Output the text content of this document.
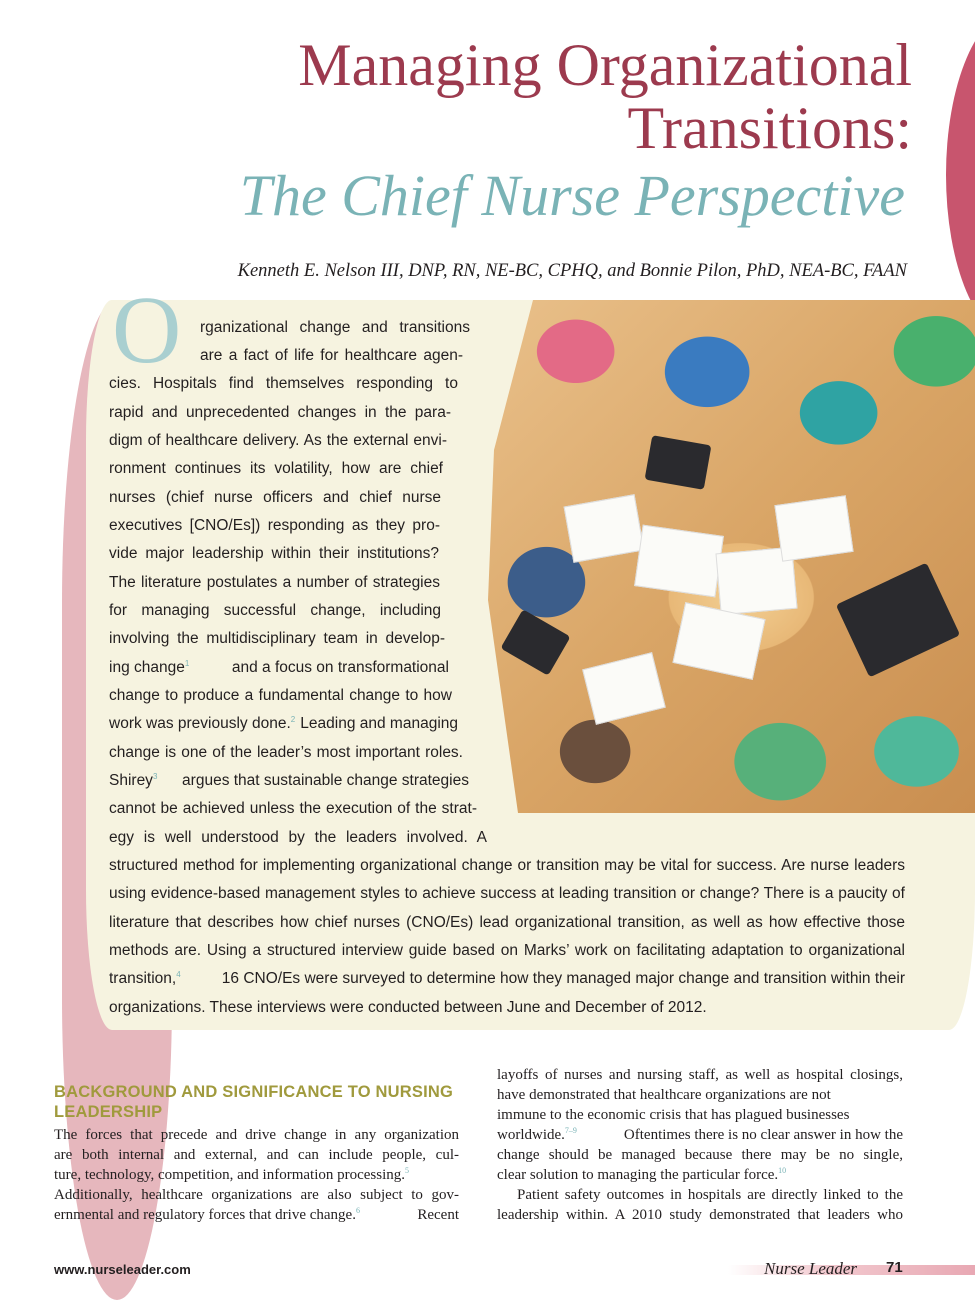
Managing Organizational
Transitions:
The Chief Nurse Perspective
Kenneth E. Nelson III, DNP, RN, NE-BC, CPHQ, and Bonnie Pilon, PhD, NEA-BC, FAAN
O rganizational change and transitions
are a fact of life for healthcare agen-
cies. Hospitals find themselves responding to
rapid and unprecedented changes in the para-
digm of healthcare delivery. As the external envi-
ronment continues its volatility, how are chief
nurses (chief nurse officers and chief nurse
executives [CNO/Es]) responding as they pro-
vide major leadership within their institutions?
The literature postulates a number of strategies
for managing successful change, including
involving the multidisciplinary team in develop-
ing change$^1$	and a focus on transformational
change to produce a fundamental change to how
work was previously done.$^2$ Leading and managing
change is one of the leader’s most important roles.
Shirey$^3$ argues that sustainable change strategies
cannot be achieved unless the execution of the strat-
egy is well understood by the leaders involved. A
structured method for implementing organizational change or transition may be vital for success. Are nurse leaders
using evidence-based management styles to achieve success at leading transition or change? There is a paucity of
literature that describes how chief nurses (CNO/Es) lead organizational transition, as well as how effective those
methods are. Using a structured interview guide based on Marks’ work on facilitating adaptation to organizational
transition,$^4$	16 CNO/Es were surveyed to determine how they managed major change and transition within their
organizations. These interviews were conducted between June and December of 2012.
BACKGROUND AND SIGNIFICANCE TO NURSING LEADERSHIP
The forces that precede and drive change in any organization
are both internal and external, and can include people, cul-
ture, technology, competition, and information processing.$^5$
Additionally, healthcare organizations are also subject to gov-
ernmental and regulatory forces that drive change.$^6$	Recent
layoffs of nurses and nursing staff, as well as hospital closings,
have demonstrated that healthcare organizations are not
immune to the economic crisis that has plagued businesses
worldwide.$^{7-9}$	Oftentimes there is no clear answer in how the
change should be managed because there may be no single,
clear solution to managing the particular force.$^{10}$
Patient safety outcomes in hospitals are directly linked to the
leadership within. A 2010 study demonstrated that leaders who
www.nurseleader.com	Nurse Leader 71
